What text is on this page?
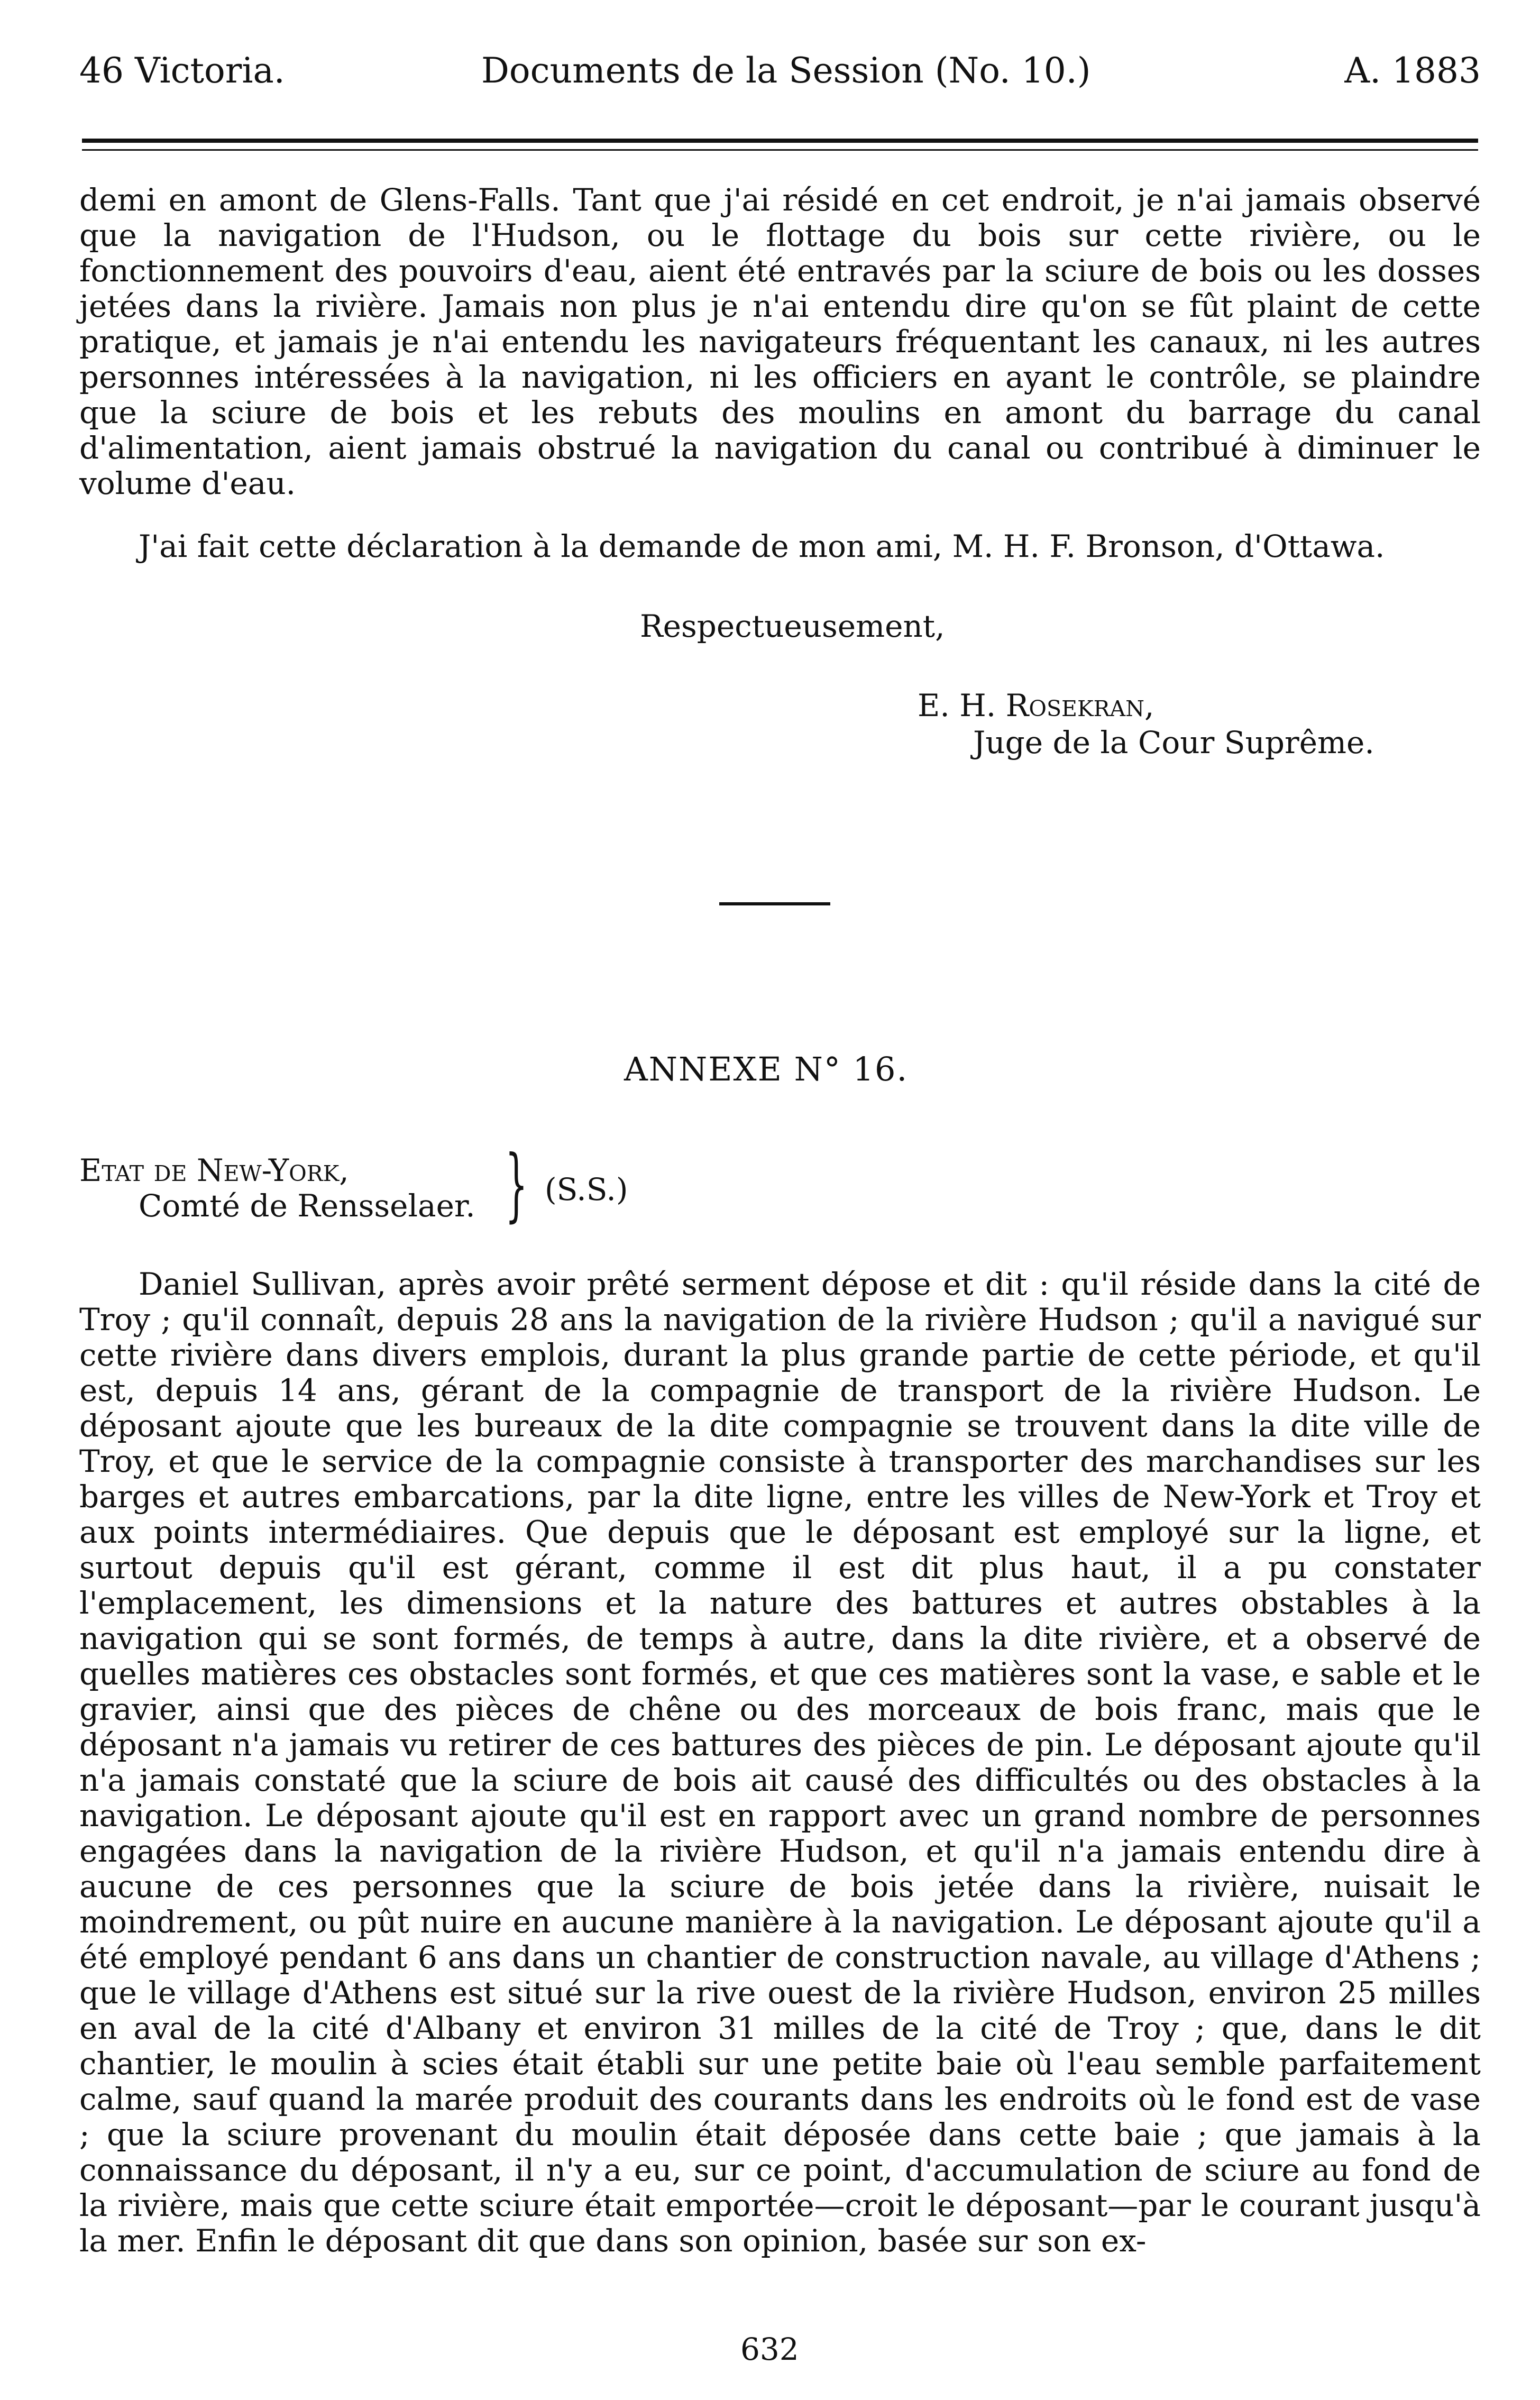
46 Victoria.	Documents de la Session (No. 10.)	A. 1883

demi en amont de Glens-Falls. Tant que j'ai résidé en cet endroit, je n'ai jamais observé que la navigation de l'Hudson, ou le flottage du bois sur cette rivière, ou le fonctionnement des pouvoirs d'eau, aient été entravés par la sciure de bois ou les dosses jetées dans la rivière. Jamais non plus je n'ai entendu dire qu'on se fût plaint de cette pratique, et jamais je n'ai entendu les navigateurs fréquentant les canaux, ni les autres personnes intéressées à la navigation, ni les officiers en ayant le contrôle, se plaindre que la sciure de bois et les rebuts des moulins en amont du barrage du canal d'alimentation, aient jamais obstrué la navigation du canal ou contribué à diminuer le volume d'eau.

J'ai fait cette déclaration à la demande de mon ami, M. H. F. Bronson, d'Ottawa.

Respectueusement,
E. H. Rosekran,
Juge de la Cour Suprême.
ANNEXE N° 16.
Etat de New-York,
Comté de Rensselaer. } (S.S.)

Daniel Sullivan, après avoir prêté serment dépose et dit : qu'il réside dans la cité de Troy ; qu'il connaît, depuis 28 ans la navigation de la rivière Hudson ; qu'il a navigué sur cette rivière dans divers emplois, durant la plus grande partie de cette période, et qu'il est, depuis 14 ans, gérant de la compagnie de transport de la rivière Hudson. Le déposant ajoute que les bureaux de la dite compagnie se trouvent dans la dite ville de Troy, et que le service de la compagnie consiste à transporter des marchandises sur les barges et autres embarcations, par la dite ligne, entre les villes de New-York et Troy et aux points intermédiaires. Que depuis que le déposant est employé sur la ligne, et surtout depuis qu'il est gérant, comme il est dit plus haut, il a pu constater l'emplacement, les dimensions et la nature des battures et autres obstables à la navigation qui se sont formés, de temps à autre, dans la dite rivière, et a observé de quelles matières ces obstacles sont formés, et que ces matières sont la vase, e sable et le gravier, ainsi que des pièces de chêne ou des morceaux de bois franc, mais que le déposant n'a jamais vu retirer de ces battures des pièces de pin. Le déposant ajoute qu'il n'a jamais constaté que la sciure de bois ait causé des difficultés ou des obstacles à la navigation. Le déposant ajoute qu'il est en rapport avec un grand nombre de personnes engagées dans la navigation de la rivière Hudson, et qu'il n'a jamais entendu dire à aucune de ces personnes que la sciure de bois jetée dans la rivière, nuisait le moindrement, ou pût nuire en aucune manière à la navigation. Le déposant ajoute qu'il a été employé pendant 6 ans dans un chantier de construction navale, au village d'Athens ; que le village d'Athens est situé sur la rive ouest de la rivière Hudson, environ 25 milles en aval de la cité d'Albany et environ 31 milles de la cité de Troy ; que, dans le dit chantier, le moulin à scies était établi sur une petite baie où l'eau semble parfaitement calme, sauf quand la marée produit des courants dans les endroits où le fond est de vase ; que la sciure provenant du moulin était déposée dans cette baie ; que jamais à la connaissance du déposant, il n'y a eu, sur ce point, d'accumulation de sciure au fond de la rivière, mais que cette sciure était emportée—croit le déposant—par le courant jusqu'à la mer. Enfin le déposant dit que dans son opinion, basée sur son ex-

632
